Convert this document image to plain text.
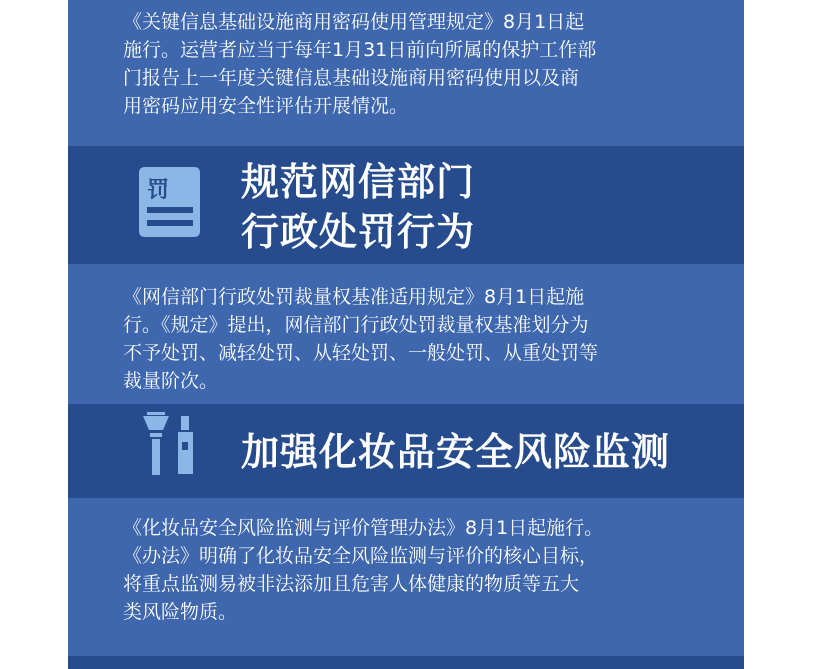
《关键信息基础设施商用密码使用管理规定》8月1日起
施行。运营者应当于每年1月31日前向所属的保护工作部
门报告上一年度关键信息基础设施商用密码使用以及商
用密码应用安全性评估开展情况。
罚 规范网信部门
行政处罚行为
《网信部门行政处罚裁量权基准适用规定》8月1日起施
行。《规定》提出，网信部门行政处罚裁量权基准划分为
不予处罚、减轻处罚、从轻处罚、一般处罚、从重处罚等
裁量阶次。
加强化妆品安全风险监测
《化妆品安全风险监测与评价管理办法》8月1日起施行。
《办法》明确了化妆品安全风险监测与评价的核心目标，
将重点监测易被非法添加且危害人体健康的物质等五大
类风险物质。
